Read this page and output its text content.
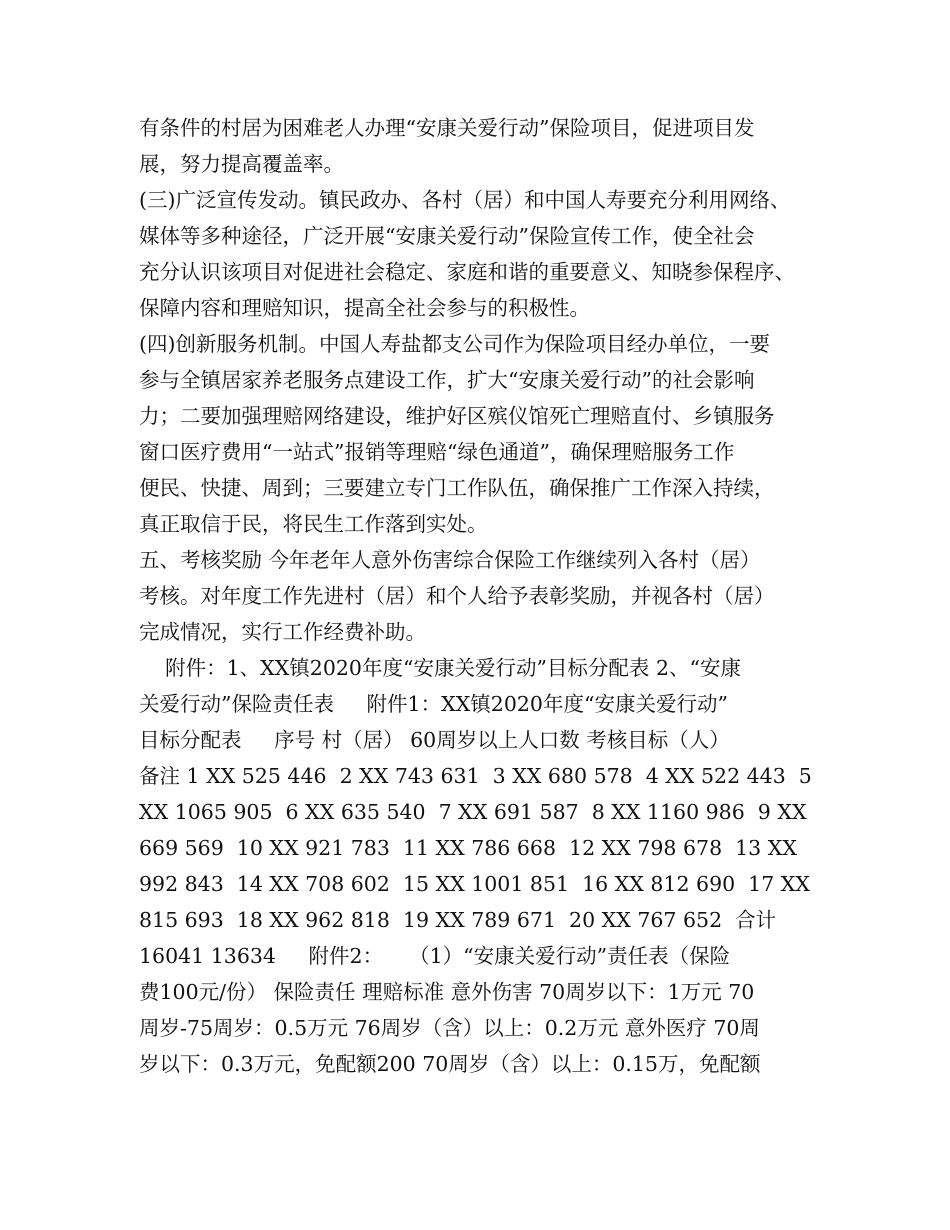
有条件的村居为困难老人办理“安康关爱行动”保险项目，促进项目发
展，努力提高覆盖率。
(三)广泛宣传发动。镇民政办、各村（居）和中国人寿要充分利用网络、
媒体等多种途径，广泛开展“安康关爱行动”保险宣传工作，使全社会
充分认识该项目对促进社会稳定、家庭和谐的重要意义、知晓参保程序、
保障内容和理赔知识，提高全社会参与的积极性。
(四)创新服务机制。中国人寿盐都支公司作为保险项目经办单位，一要
参与全镇居家养老服务点建设工作，扩大“安康关爱行动”的社会影响
力；二要加强理赔网络建设，维护好区殡仪馆死亡理赔直付、乡镇服务
窗口医疗费用“一站式”报销等理赔“绿色通道”，确保理赔服务工作
便民、快捷、周到；三要建立专门工作队伍，确保推广工作深入持续，
真正取信于民，将民生工作落到实处。
五、考核奖励 今年老年人意外伤害综合保险工作继续列入各村（居）
考核。对年度工作先进村（居）和个人给予表彰奖励，并视各村（居）
完成情况，实行工作经费补助。
附件：1、XX镇2020年度“安康关爱行动”目标分配表 2、“安康
关爱行动”保险责任表     附件1：XX镇2020年度“安康关爱行动”
目标分配表     序号 村（居） 60周岁以上人口数 考核目标（人）
备注 1 XX 525 446  2 XX 743 631  3 XX 680 578  4 XX 522 443  5
XX 1065 905  6 XX 635 540  7 XX 691 587  8 XX 1160 986  9 XX
669 569  10 XX 921 783  11 XX 786 668  12 XX 798 678  13 XX
992 843  14 XX 708 602  15 XX 1001 851  16 XX 812 690  17 XX
815 693  18 XX 962 818  19 XX 789 671  20 XX 767 652  合计
16041 13634     附件2：    （1）“安康关爱行动”责任表（保险
费100元/份） 保险责任 理赔标准 意外伤害 70周岁以下：1万元 70
周岁-75周岁：0.5万元 76周岁（含）以上：0.2万元 意外医疗 70周
岁以下：0.3万元，免配额200 70周岁（含）以上：0.15万，免配额
